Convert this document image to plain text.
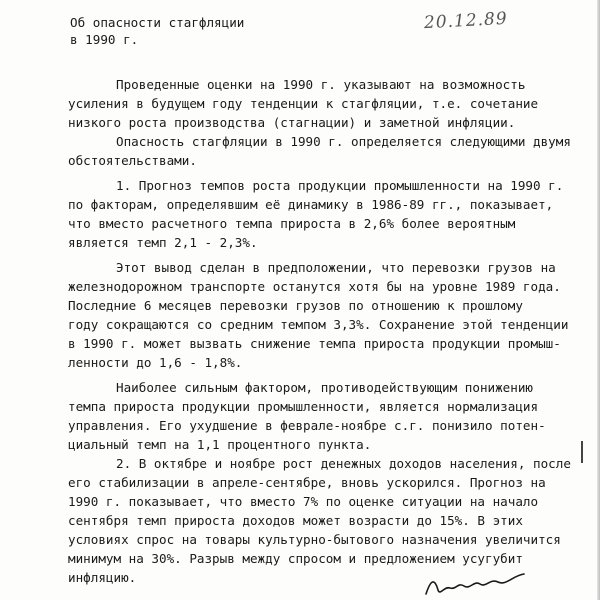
Об опасности стагфляции
в 1990 г.
20.12.89
Проведенные оценки на 1990 г. указывают на возможность
усиления в будущем году тенденции к стагфляции, т.е. сочетание
низкого роста производства (стагнации) и заметной инфляции.
Опасность стагфляции в 1990 г. определяется следующими двумя
обстоятельствами.
1. Прогноз темпов роста продукции промышленности на 1990 г.
по факторам, определявшим её динамику в 1986-89 гг., показывает,
что вместо расчетного темпа прироста в 2,6% более вероятным
является темп 2,1 - 2,3%.
Этот вывод сделан в предположении, что перевозки грузов на
железнодорожном транспорте останутся хотя бы на уровне 1989 года.
Последние 6 месяцев перевозки грузов по отношению к прошлому
году сокращаются со средним темпом 3,3%. Сохранение этой тенденции
в 1990 г. может вызвать снижение темпа прироста продукции промыш-
ленности до 1,6 - 1,8%.
Наиболее сильным фактором, противодействующим понижению
темпа прироста продукции промышленности, является нормализация
управления. Его ухудшение в феврале-ноябре с.г. понизило потен-
циальный темп на 1,1 процентного пункта.
2. В октябре и ноябре рост денежных доходов населения, после
его стабилизации в апреле-сентябре, вновь ускорился. Прогноз на
1990 г. показывает, что вместо 7% по оценке ситуации на начало
сентября темп прироста доходов может возрасти до 15%. В этих
условиях спрос на товары культурно-бытового назначения увеличится
минимум на 30%. Разрыв между спросом и предложением усугубит
инфляцию.
